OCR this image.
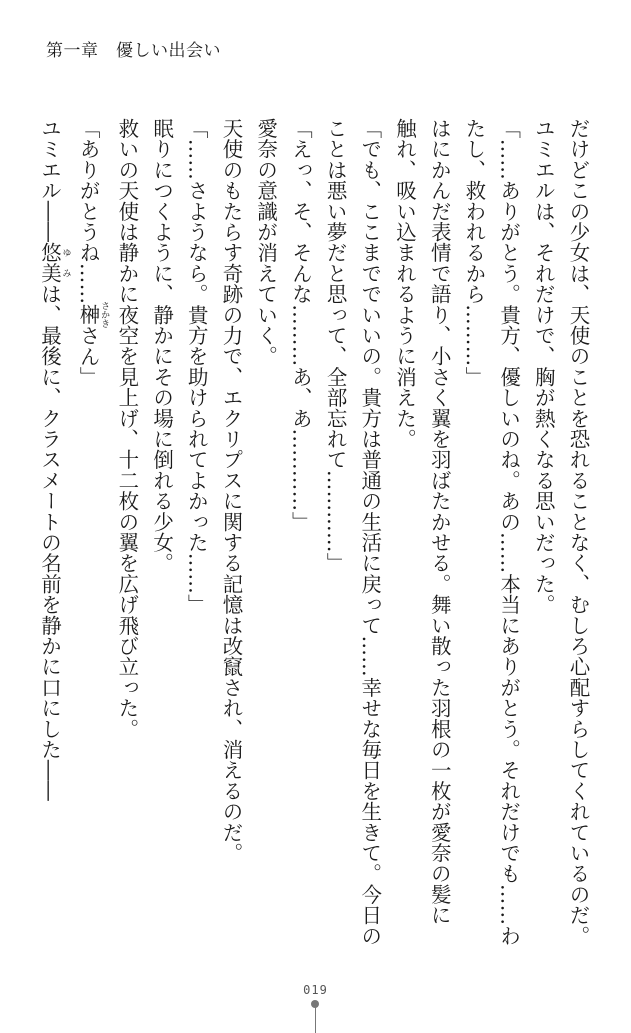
第一章　 優しい出会い
だけどこの少女は、天使のことを恐れることなく、むしろ心配すらしてくれているのだ。
ユミエルは、それだけで、胸が熱くなる思いだった。
「……ありがとう。貴方、優しいのね。あの……本当にありがとう。それだけでも……わ
たし、救われるから………」
はにかんだ表情で語り、小さく翼を羽ばたかせる。舞い散った羽根の一枚が愛奈の髪に
触れ、吸い込まれるように消えた。
「でも、ここまででいいの。貴方は普通の生活に戻って……幸せな毎日を生きて。今日の
ことは悪い夢だと思って、全部忘れて…………」
「えっ、そ、そんな………あ、あ…………」
愛奈の意識が消えていく。
天使のもたらす奇跡の力で、エクリプスに関する記憶は改竄され、消えるのだ。
「……さようなら。貴方を助けられてよかった……」
眠りにつくように、静かにその場に倒れる少女。
救いの天使は静かに夜空を見上げ、十二枚の翼を広げ飛び立った。
「ありがとうね……榊 さかきさん」
ユミエル――悠美 ゆみは、最後に、クラスメートの名前を静かに口にした――
019
